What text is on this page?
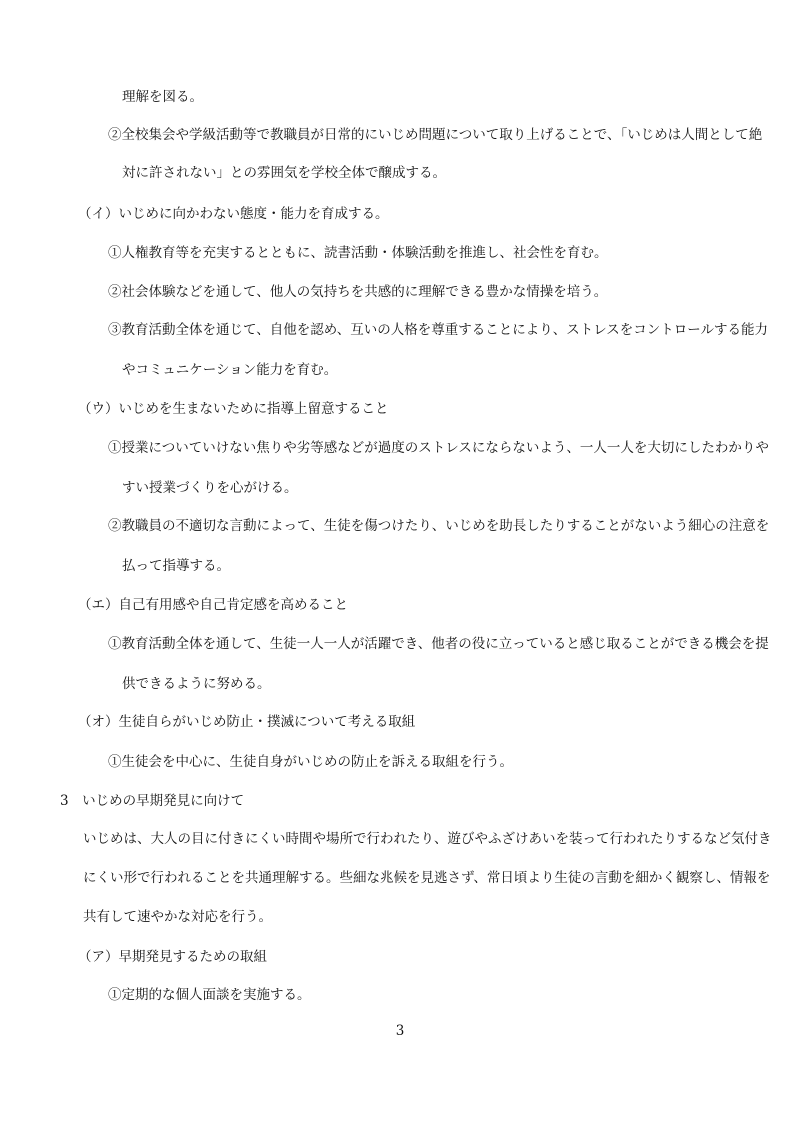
理解を図る。
②全校集会や学級活動等で教職員が日常的にいじめ問題について取り上げることで、「いじめは人間として絶
対に許されない」との雰囲気を学校全体で醸成する。
（イ）いじめに向かわない態度・能力を育成する。
①人権教育等を充実するとともに、読書活動・体験活動を推進し、社会性を育む。
②社会体験などを通して、他人の気持ちを共感的に理解できる豊かな情操を培う。
③教育活動全体を通じて、自他を認め、互いの人格を尊重することにより、ストレスをコントロールする能力
やコミュニケーション能力を育む。
（ウ）いじめを生まないために指導上留意すること
①授業についていけない焦りや劣等感などが過度のストレスにならないよう、一人一人を大切にしたわかりや
すい授業づくりを心がける。
②教職員の不適切な言動によって、生徒を傷つけたり、いじめを助長したりすることがないよう細心の注意を
払って指導する。
（エ）自己有用感や自己肯定感を高めること
①教育活動全体を通して、生徒一人一人が活躍でき、他者の役に立っていると感じ取ることができる機会を提
供できるように努める。
（オ）生徒自らがいじめ防止・撲滅について考える取組
①生徒会を中心に、生徒自身がいじめの防止を訴える取組を行う。
3　いじめの早期発見に向けて
いじめは、大人の目に付きにくい時間や場所で行われたり、遊びやふざけあいを装って行われたりするなど気付き
にくい形で行われることを共通理解する。些細な兆候を見逃さず、常日頃より生徒の言動を細かく観察し、情報を
共有して速やかな対応を行う。
（ア）早期発見するための取組
①定期的な個人面談を実施する。
3
